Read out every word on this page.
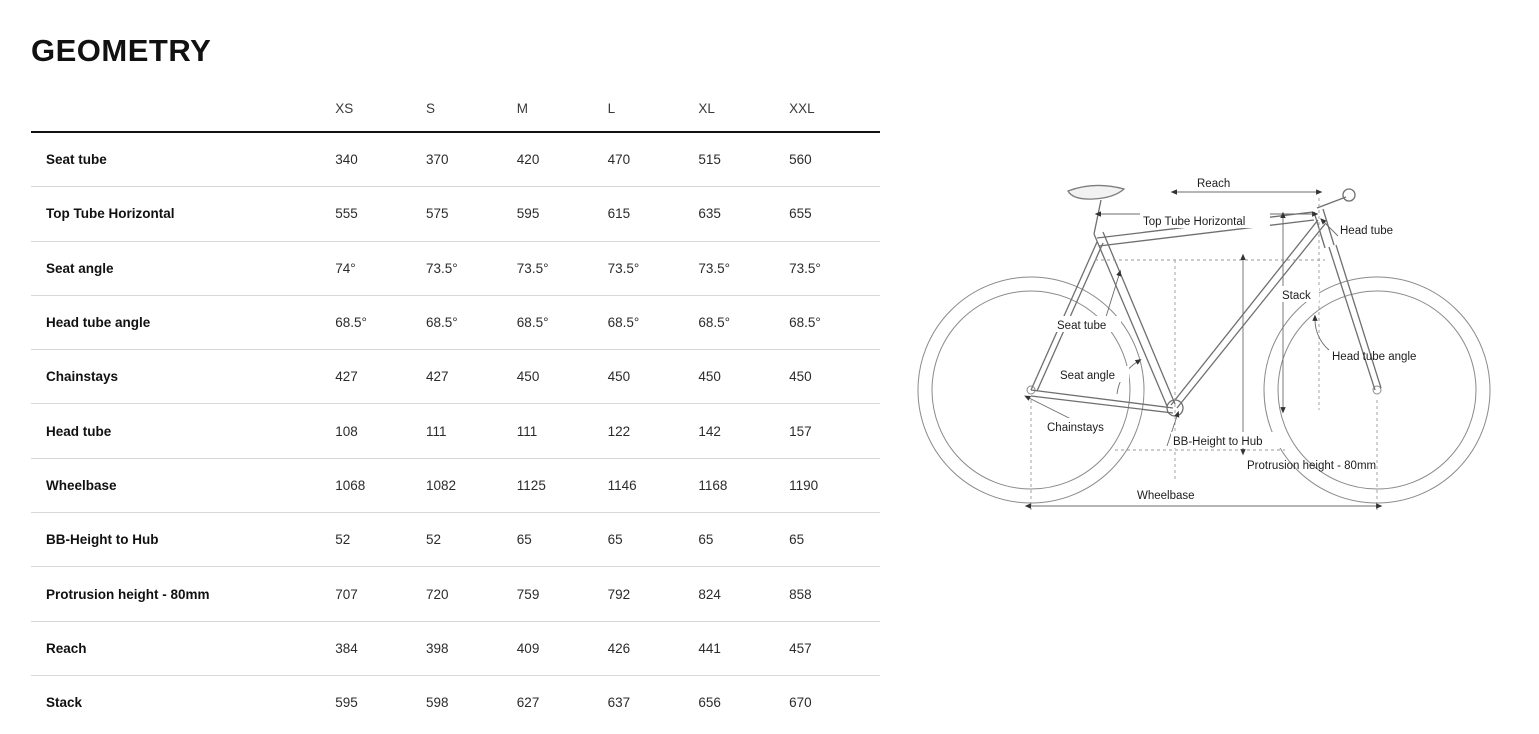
GEOMETRY
	XS	S	M	L	XL	XXL
Seat tube	340	370	420	470	515	560
Top Tube Horizontal	555	575	595	615	635	655
Seat angle	74°	73.5°	73.5°	73.5°	73.5°	73.5°
Head tube angle	68.5°	68.5°	68.5°	68.5°	68.5°	68.5°
Chainstays	427	427	450	450	450	450
Head tube	108	111	111	122	142	157
Wheelbase	1068	1082	1125	1146	1168	1190
BB-Height to Hub	52	52	65	65	65	65
Protrusion height - 80mm	707	720	759	792	824	858
Reach	384	398	409	426	441	457
Stack	595	598	627	637	656	670
Reach
Top Tube Horizontal
Head tube
Stack
Seat tube
Seat angle
Head tube angle
Chainstays
BB-Height to Hub
Protrusion height - 80mm
Wheelbase
